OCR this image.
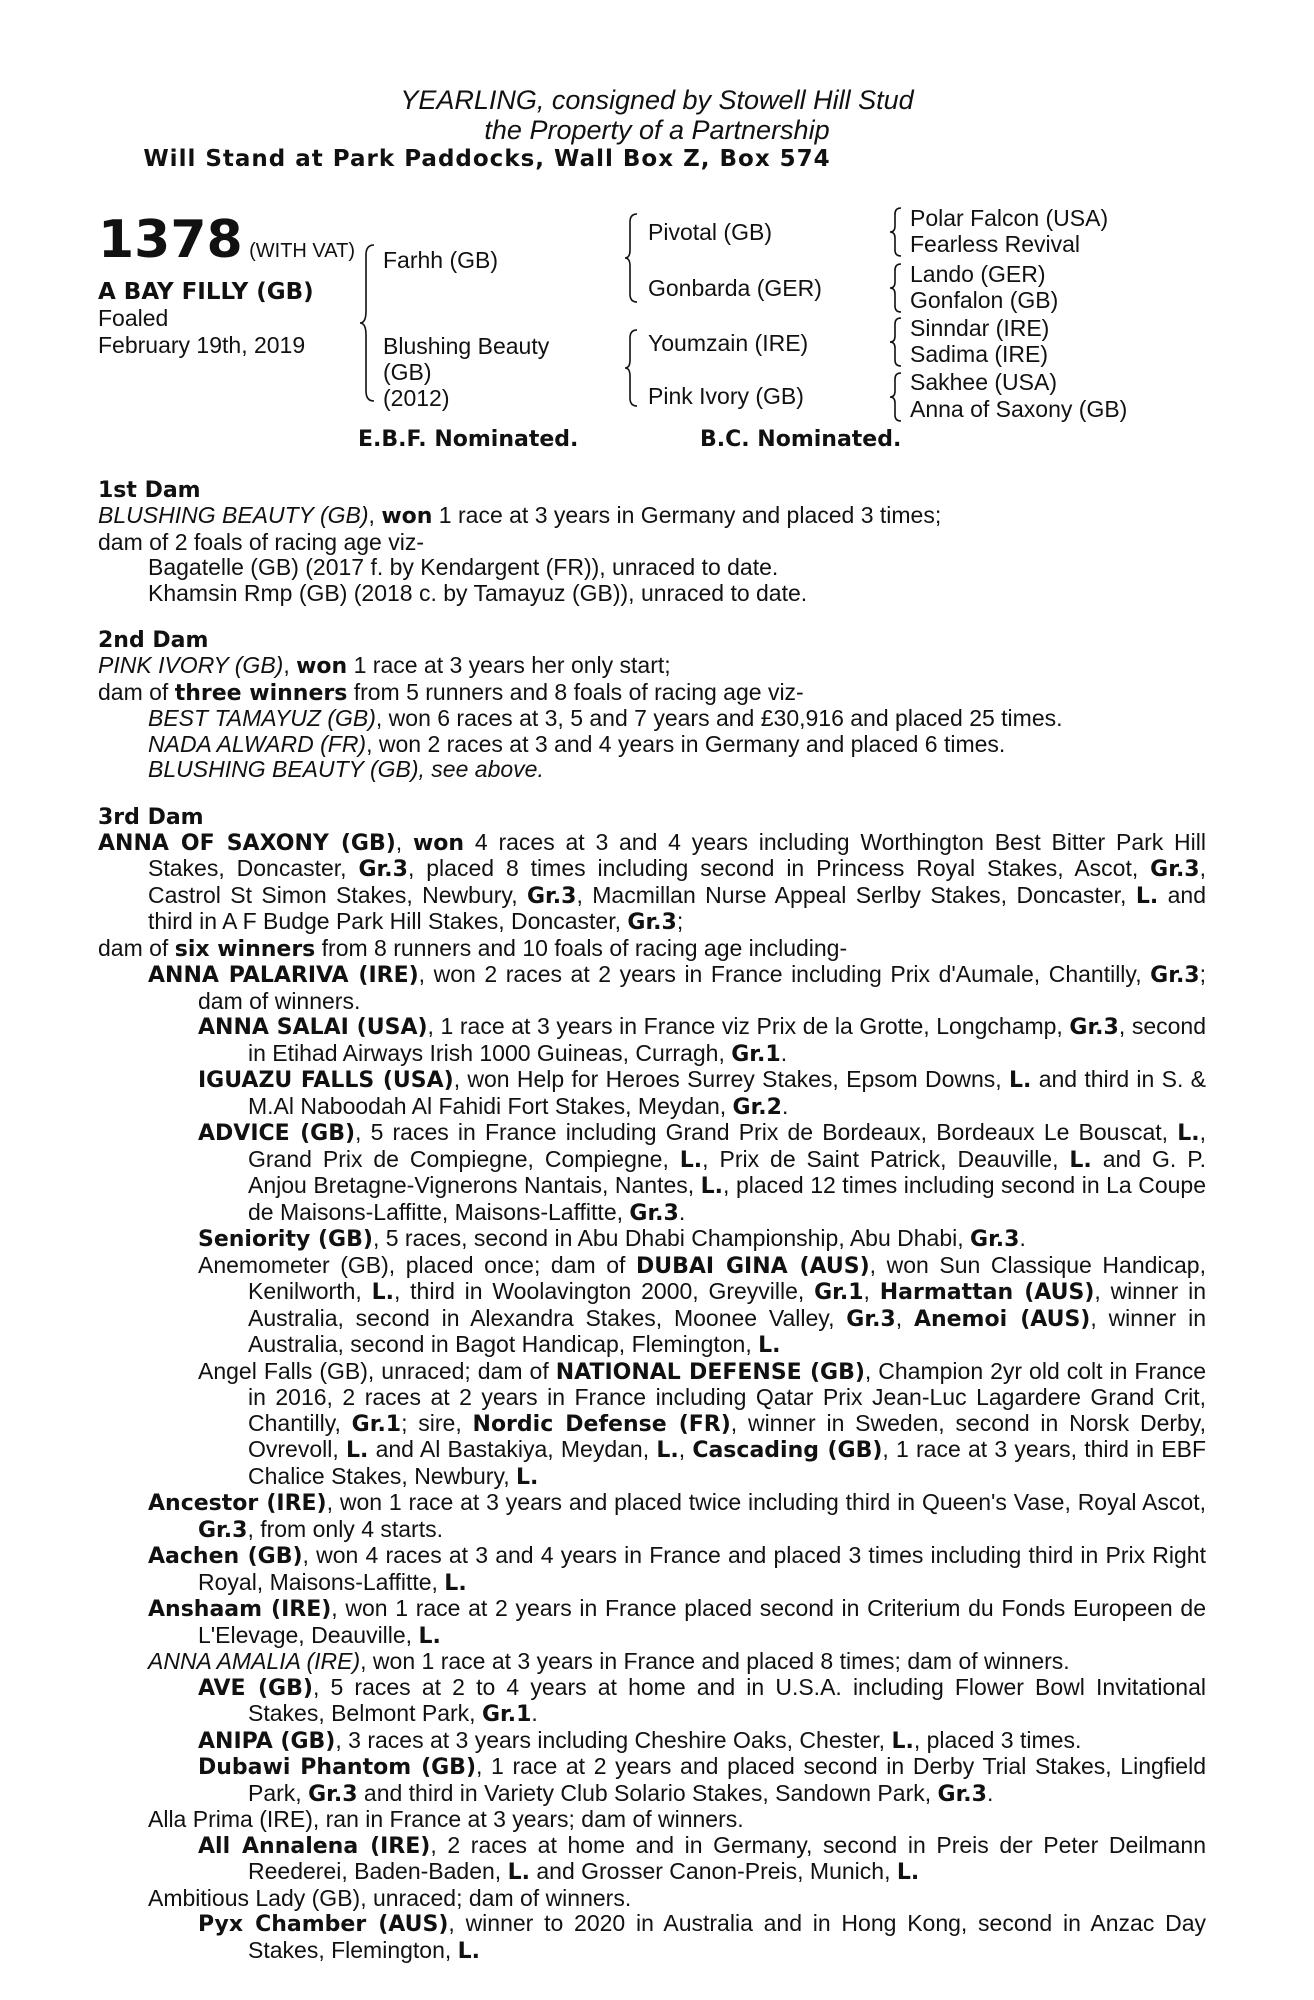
YEARLING, consigned by Stowell Hill Stud
the Property of a Partnership
Will Stand at Park Paddocks, Wall Box Z, Box 574
1378 (WITH VAT)
A BAY FILLY (GB)
Foaled
February 19th, 2019
Farhh (GB)
Blushing Beauty
(GB)
(2012)
Pivotal (GB)
Gonbarda (GER)
Youmzain (IRE)
Pink Ivory (GB)
Polar Falcon (USA)
Fearless Revival
Lando (GER)
Gonfalon (GB)
Sinndar (IRE)
Sadima (IRE)
Sakhee (USA)
Anna of Saxony (GB)
E.B.F. Nominated.	B.C. Nominated.
1st Dam

BLUSHING BEAUTY (GB), won 1 race at 3 years in Germany and placed 3 times;

dam of 2 foals of racing age viz-

Bagatelle (GB) (2017 f. by Kendargent (FR)), unraced to date.

Khamsin Rmp (GB) (2018 c. by Tamayuz (GB)), unraced to date.

2nd Dam

PINK IVORY (GB), won 1 race at 3 years her only start;

dam of three winners from 5 runners and 8 foals of racing age viz-

BEST TAMAYUZ (GB), won 6 races at 3, 5 and 7 years and £30,916 and placed 25 times.

NADA ALWARD (FR), won 2 races at 3 and 4 years in Germany and placed 6 times.

BLUSHING BEAUTY (GB), see above.

3rd Dam

ANNA OF SAXONY (GB), won 4 races at 3 and 4 years including Worthington Best Bitter Park Hill Stakes, Doncaster, Gr.3, placed 8 times including second in Princess Royal Stakes, Ascot, Gr.3, Castrol St Simon Stakes, Newbury, Gr.3, Macmillan Nurse Appeal Serlby Stakes, Doncaster, L. and third in A F Budge Park Hill Stakes, Doncaster, Gr.3;

dam of six winners from 8 runners and 10 foals of racing age including-

ANNA PALARIVA (IRE), won 2 races at 2 years in France including Prix d'Aumale, Chantilly, Gr.3; dam of winners.

ANNA SALAI (USA), 1 race at 3 years in France viz Prix de la Grotte, Longchamp, Gr.3, second in Etihad Airways Irish 1000 Guineas, Curragh, Gr.1.

IGUAZU FALLS (USA), won Help for Heroes Surrey Stakes, Epsom Downs, L. and third in S. & M.Al Naboodah Al Fahidi Fort Stakes, Meydan, Gr.2.

ADVICE (GB), 5 races in France including Grand Prix de Bordeaux, Bordeaux Le Bouscat, L., Grand Prix de Compiegne, Compiegne, L., Prix de Saint Patrick, Deauville, L. and G. P. Anjou Bretagne-Vignerons Nantais, Nantes, L., placed 12 times including second in La Coupe de Maisons-Laffitte, Maisons-Laffitte, Gr.3.

Seniority (GB), 5 races, second in Abu Dhabi Championship, Abu Dhabi, Gr.3.

Anemometer (GB), placed once; dam of DUBAI GINA (AUS), won Sun Classique Handicap, Kenilworth, L., third in Woolavington 2000, Greyville, Gr.1, Harmattan (AUS), winner in Australia, second in Alexandra Stakes, Moonee Valley, Gr.3, Anemoi (AUS), winner in Australia, second in Bagot Handicap, Flemington, L.

Angel Falls (GB), unraced; dam of NATIONAL DEFENSE (GB), Champion 2yr old colt in France in 2016, 2 races at 2 years in France including Qatar Prix Jean-Luc Lagardere Grand Crit, Chantilly, Gr.1; sire, Nordic Defense (FR), winner in Sweden, second in Norsk Derby, Ovrevoll, L. and Al Bastakiya, Meydan, L., Cascading (GB), 1 race at 3 years, third in EBF Chalice Stakes, Newbury, L.

Ancestor (IRE), won 1 race at 3 years and placed twice including third in Queen's Vase, Royal Ascot, Gr.3, from only 4 starts.

Aachen (GB), won 4 races at 3 and 4 years in France and placed 3 times including third in Prix Right Royal, Maisons-Laffitte, L.

Anshaam (IRE), won 1 race at 2 years in France placed second in Criterium du Fonds Europeen de L'Elevage, Deauville, L.

ANNA AMALIA (IRE), won 1 race at 3 years in France and placed 8 times; dam of winners.

AVE (GB), 5 races at 2 to 4 years at home and in U.S.A. including Flower Bowl Invitational Stakes, Belmont Park, Gr.1.

ANIPA (GB), 3 races at 3 years including Cheshire Oaks, Chester, L., placed 3 times.

Dubawi Phantom (GB), 1 race at 2 years and placed second in Derby Trial Stakes, Lingfield Park, Gr.3 and third in Variety Club Solario Stakes, Sandown Park, Gr.3.

Alla Prima (IRE), ran in France at 3 years; dam of winners.

All Annalena (IRE), 2 races at home and in Germany, second in Preis der Peter Deilmann Reederei, Baden-Baden, L. and Grosser Canon-Preis, Munich, L.

Ambitious Lady (GB), unraced; dam of winners.

Pyx Chamber (AUS), winner to 2020 in Australia and in Hong Kong, second in Anzac Day Stakes, Flemington, L.
